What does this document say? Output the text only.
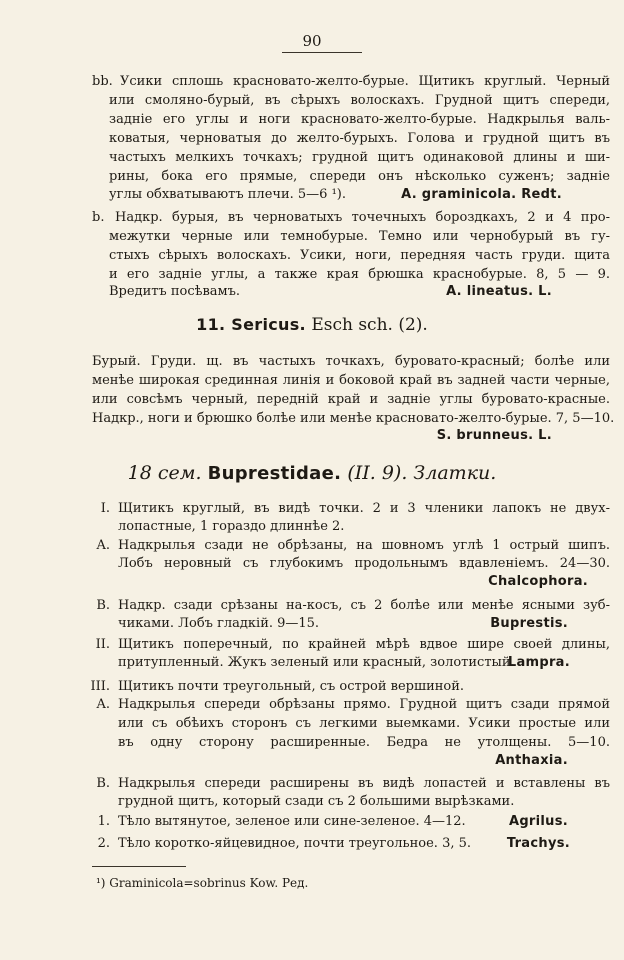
90
bb. Усики сплошь красновато-желто-бурые. Щитикъ круглый. Черный
или смоляно-бурый, въ сѣрыхъ волоскахъ. Грудной щитъ спереди,
задніе его углы и ноги красновато-желто-бурые. Надкрылья валь-
коватыя, черноватыя до желто-бурыхъ. Голова и грудной щитъ въ
частыхъ мелкихъ точкахъ; грудной щитъ одинаковой длины и ши-
рины, бока его прямые, спереди онъ нѣсколько суженъ; задніе
углы обхватываютъ плечи. 5—6 ¹).	A. graminicola. Redt.
b. Надкр. бурыя, въ черноватыхъ точечныхъ бороздкахъ, 2 и 4 про-
межутки черные или темнобурые. Темно или чернобурый въ гу-
стыхъ сѣрыхъ волоскахъ. Усики, ноги, передняя часть груди. щита
и его задніе углы, а также края брюшка краснобурые. 8, 5 — 9.
Вредитъ посѣвамъ.	A. lineatus. L.
11. Sericus. Esch sch. (2).
Бурый. Груди. щ. въ частыхъ точкахъ, буровато-красный; болѣе или
менѣе широкая срединная линія и боковой край въ задней части черные,
или совсѣмъ черный, передній край и задніе углы буровато-красные.
Надкр., ноги и брюшко болѣе или менѣе красновато-желто-бурые. 7, 5—10.
S. brunneus. L.
18 сем. Buprestidae. (II. 9). Златки.
I. Щитикъ круглый, въ видѣ точки. 2 и 3 членики лапокъ не двух-
лопастные, 1 гораздо длиннѣе 2.
A. Надкрылья сзади не обрѣзаны, на шовномъ углѣ 1 острый шипъ.
Лобъ неровный съ глубокимъ продольнымъ вдавленіемъ. 24—30.
Chalcophora.
B. Надкр. сзади срѣзаны на-косъ, съ 2 болѣе или менѣе ясными зуб-
чиками. Лобъ гладкій. 9—15.	Buprestis.
II. Щитикъ поперечный, по крайней мѣрѣ вдвое шире своей длины,
притупленный. Жукъ зеленый или красный, золотистый.
Lampra.
III. Щитикъ почти треугольный, съ острой вершиной.
A. Надкрылья спереди обрѣзаны прямо. Грудной щитъ сзади прямой
или съ обѣихъ сторонъ съ легкими выемками. Усики простые или
въ одну сторону расширенные. Бедра не утолщены. 5—10.
Anthaxia.
B. Надкрылья спереди расширены въ видѣ лопастей и вставлены въ
грудной щитъ, который сзади съ 2 большими вырѣзками.
1. Тѣло вытянутое, зеленое или сине-зеленое. 4—12.	Agrilus.
2. Тѣло коротко-яйцевидное, почти треугольное. 3, 5.	Trachys.
¹) Graminicola=sobrinus Kow. Ред.
